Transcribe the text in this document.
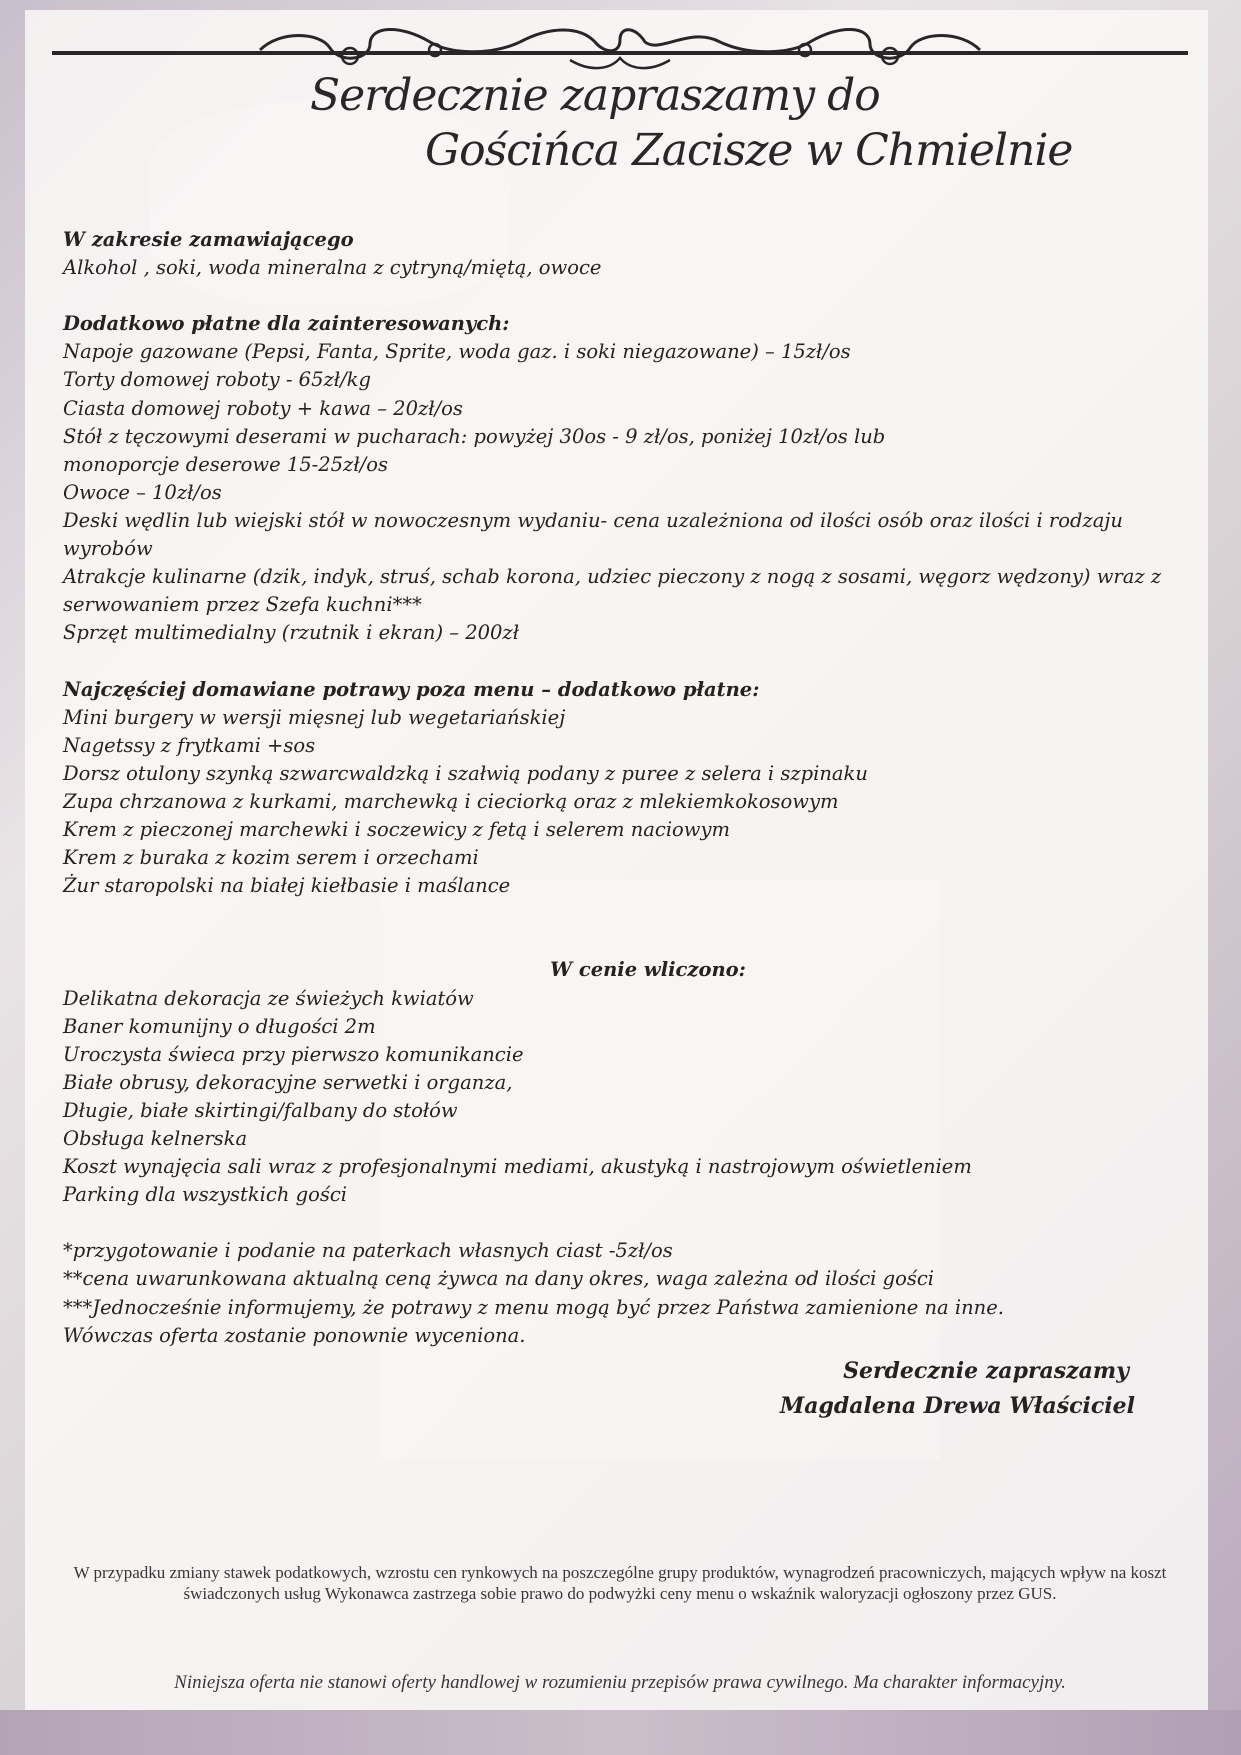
Serdecznie zapraszamy do
Gościńca Zacisze w Chmielnie
W zakresie zamawiającego
Alkohol , soki, woda mineralna z cytryną/miętą, owoce
Dodatkowo płatne dla zainteresowanych:
Napoje gazowane (Pepsi, Fanta, Sprite, woda gaz. i soki niegazowane) – 15zł/os
Torty domowej roboty - 65zł/kg
Ciasta domowej roboty + kawa – 20zł/os
Stół z tęczowymi deserami w pucharach: powyżej 30os - 9 zł/os, poniżej 10zł/os lub
monoporcje deserowe 15-25zł/os
Owoce – 10zł/os
Deski wędlin lub wiejski stół w nowoczesnym wydaniu- cena uzależniona od ilości osób oraz ilości i rodzaju
wyrobów
Atrakcje kulinarne (dzik, indyk, struś, schab korona, udziec pieczony z nogą z sosami, węgorz wędzony) wraz z
serwowaniem przez Szefa kuchni***
Sprzęt multimedialny (rzutnik i ekran) – 200zł
Najczęściej domawiane potrawy poza menu – dodatkowo płatne:
Mini burgery w wersji mięsnej lub wegetariańskiej
Nagetssy z frytkami +sos
Dorsz otulony szynką szwarcwaldzką i szałwią podany z puree z selera i szpinaku
Zupa chrzanowa z kurkami, marchewką i cieciorką oraz z mlekiemkokosowym
Krem z pieczonej marchewki i soczewicy z fetą i selerem naciowym
Krem z buraka z kozim serem i orzechami
Żur staropolski na białej kiełbasie i maślance
W cenie wliczono:
Delikatna dekoracja ze świeżych kwiatów
Baner komunijny o długości 2m
Uroczysta świeca przy pierwszo komunikancie
Białe obrusy, dekoracyjne serwetki i organza,
Długie, białe skirtingi/falbany do stołów
Obsługa kelnerska
Koszt wynajęcia sali wraz z profesjonalnymi mediami, akustyką i nastrojowym oświetleniem
Parking dla wszystkich gości
*przygotowanie i podanie na paterkach własnych ciast -5zł/os
**cena uwarunkowana aktualną ceną żywca na dany okres, waga zależna od ilości gości
***Jednocześnie informujemy, że potrawy z menu mogą być przez Państwa zamienione na inne.
Wówczas oferta zostanie ponownie wyceniona.
Serdecznie zapraszamy
Magdalena Drewa Właściciel
W przypadku zmiany stawek podatkowych, wzrostu cen rynkowych na poszczególne grupy produktów, wynagrodzeń pracowniczych, mających wpływ na koszt świadczonych usług Wykonawca zastrzega sobie prawo do podwyżki ceny menu o wskaźnik waloryzacji ogłoszony przez GUS.
Niniejsza oferta nie stanowi oferty handlowej w rozumieniu przepisów prawa cywilnego. Ma charakter informacyjny.
